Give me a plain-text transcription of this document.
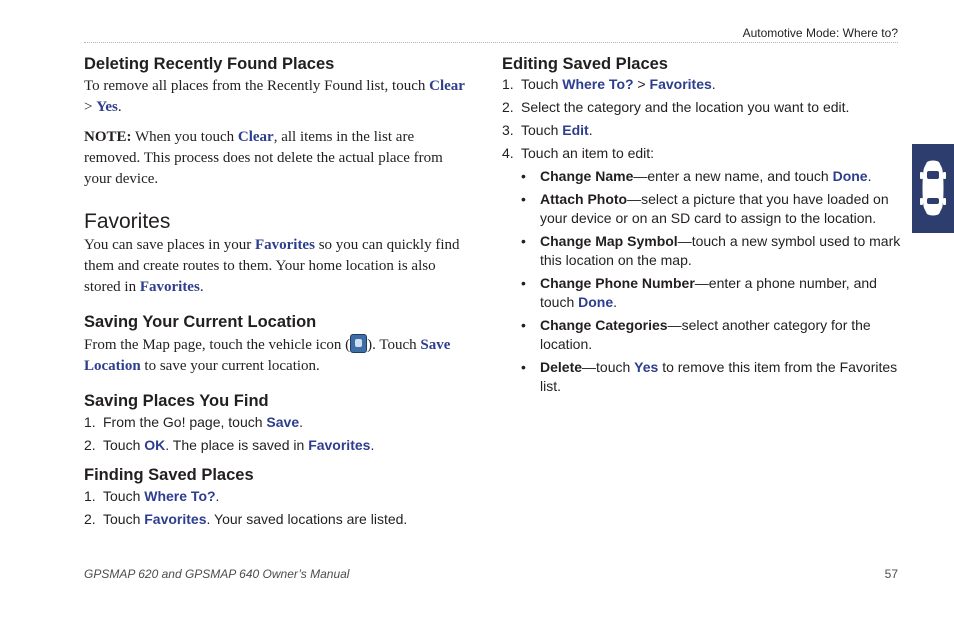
Automotive Mode: Where to?
Deleting Recently Found Places

To remove all places from the Recently Found list, touch Clear > Yes.

NOTE: When you touch Clear, all items in the list are removed. This process does not delete the actual place from your device.

Favorites

You can save places in your Favorites so you can quickly find them and create routes to them. Your home location is also stored in Favorites.

Saving Your Current Location

From the Map page, touch the vehicle icon ( ). Touch Save Location to save your current location.

Saving Places You Find
1. From the Go! page, touch Save.
2. Touch OK. The place is saved in Favorites.
Finding Saved Places
1. Touch Where To?.
2. Touch Favorites. Your saved locations are listed.
Editing Saved Places
1. Touch Where To? > Favorites.
2. Select the category and the location you want to edit.
3. Touch Edit.
4. Touch an item to edit:
• Change Name—enter a new name, and touch Done.
• Attach Photo—select a picture that you have loaded on your device or on an SD card to assign to the location.
• Change Map Symbol—touch a new symbol used to mark this location on the map.
• Change Phone Number—enter a phone number, and touch Done.
• Change Categories—select another category for the location.
• Delete—touch Yes to remove this item from the Favorites list.
GPSMAP 620 and GPSMAP 640 Owner’s Manual	57
